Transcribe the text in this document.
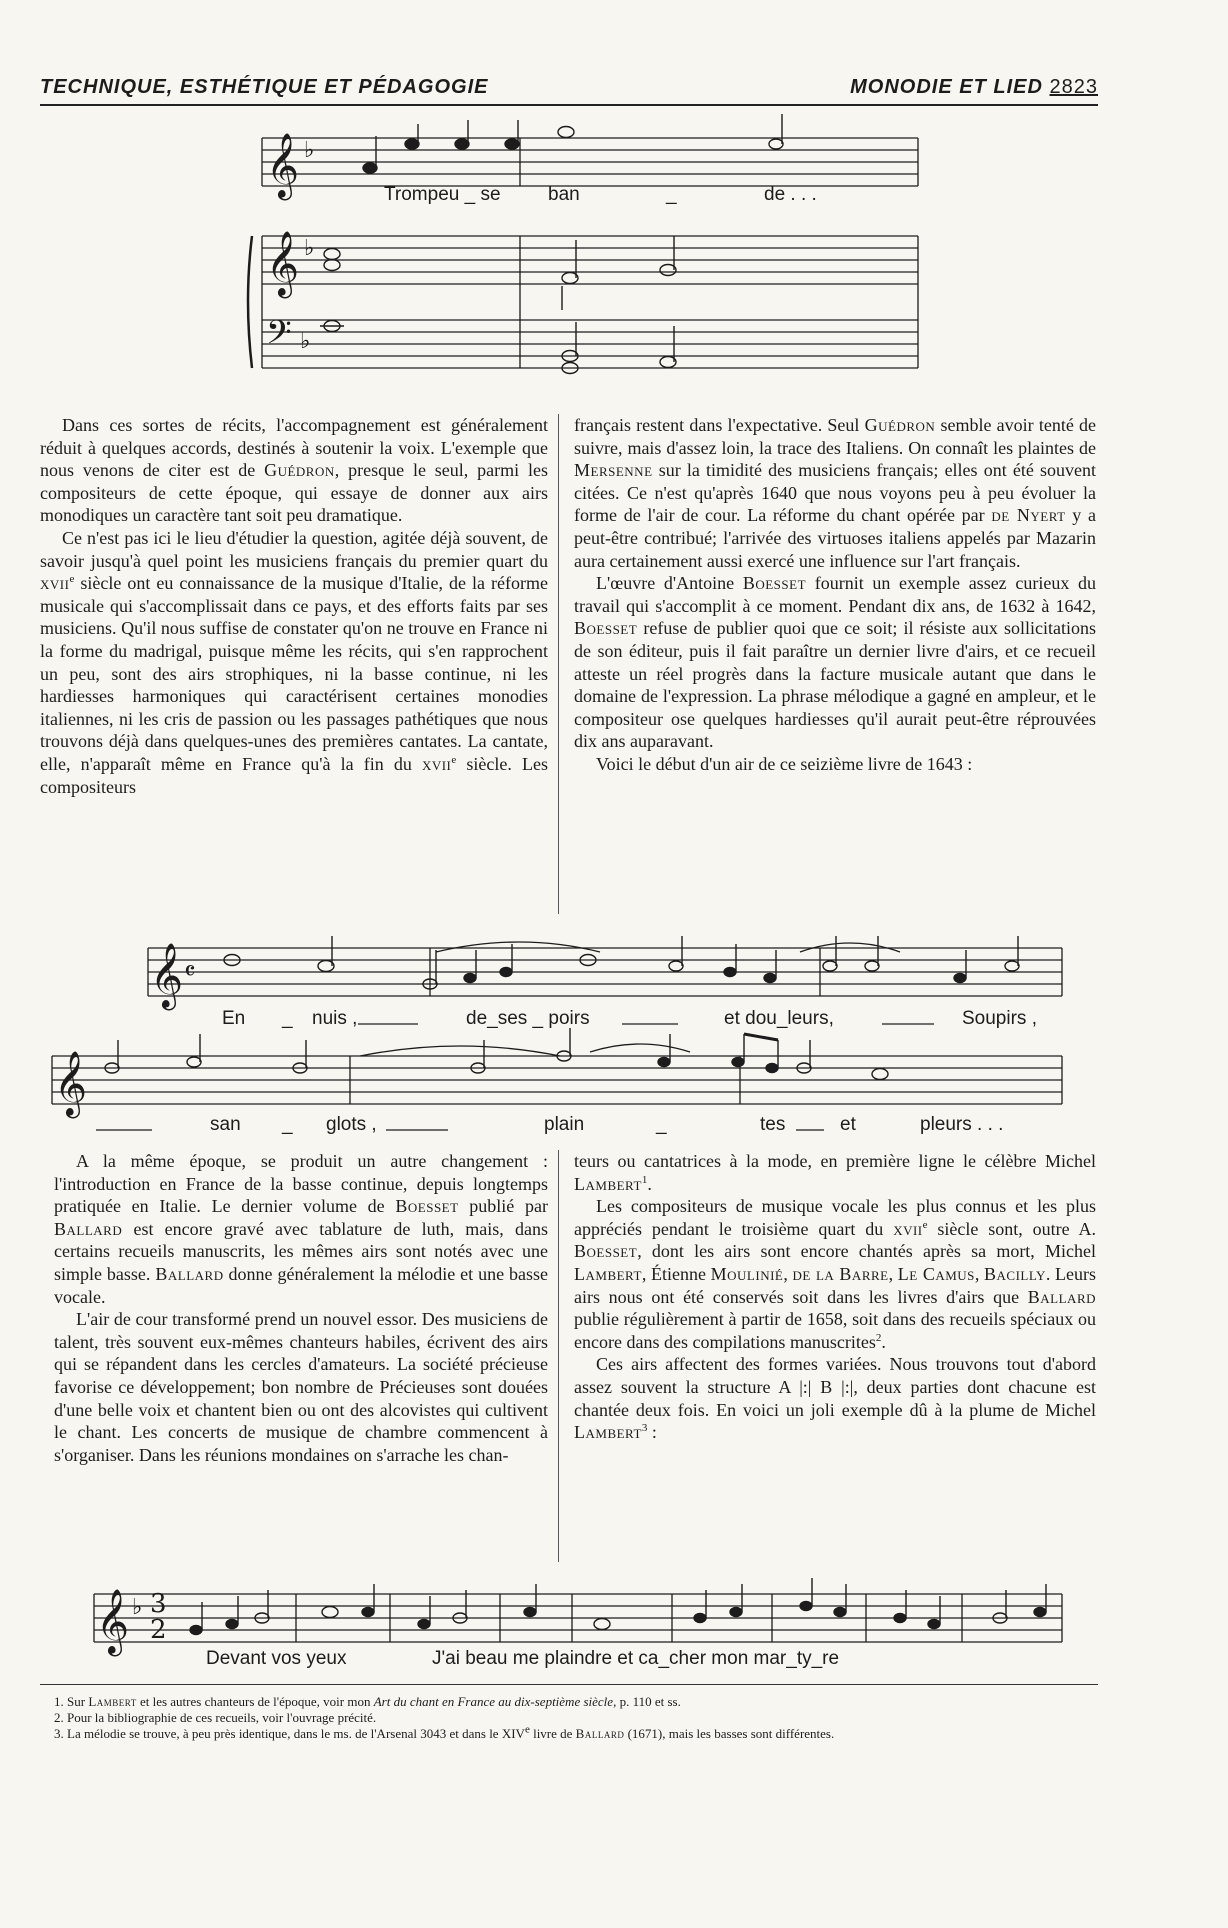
TECHNIQUE, ESTHÉTIQUE ET PÉDAGOGIE	MONODIE ET LIED 2823
𝄞 ♭
𝄞 ♭
𝄢 ♭
Trompeu _ se ban	_	de . . .

Dans ces sortes de récits, l'accompagnement est généralement réduit à quelques accords, destinés à soutenir la voix. L'exemple que nous venons de citer est de Guédron, presque le seul, parmi les compositeurs de cette époque, qui essaye de donner aux airs monodiques un caractère tant soit peu dramatique.

Ce n'est pas ici le lieu d'étudier la question, agitée déjà souvent, de savoir jusqu'à quel point les musiciens français du premier quart du xvii$^e$ siècle ont eu connaissance de la musique d'Italie, de la réforme musicale qui s'accomplissait dans ce pays, et des efforts faits par ses musiciens. Qu'il nous suffise de constater qu'on ne trouve en France ni la forme du madrigal, puisque même les récits, qui s'en rapprochent un peu, sont des airs strophiques, ni la basse continue, ni les hardiesses harmoniques qui caractérisent certaines monodies italiennes, ni les cris de passion ou les passages pathétiques que nous trouvons déjà dans quelques-unes des premières cantates. La cantate, elle, n'apparaît même en France qu'à la fin du xvii$^e$ siècle. Les compositeurs

français restent dans l'expectative. Seul Guédron semble avoir tenté de suivre, mais d'assez loin, la trace des Italiens. On connaît les plaintes de Mersenne sur la timidité des musiciens français; elles ont été souvent citées. Ce n'est qu'après 1640 que nous voyons peu à peu évoluer la forme de l'air de cour. La réforme du chant opérée par de Nyert y a peut-être contribué; l'arrivée des virtuoses italiens appelés par Mazarin aura certainement aussi exercé une influence sur l'art français.

L'œuvre d'Antoine Boesset fournit un exemple assez curieux du travail qui s'accomplit à ce moment. Pendant dix ans, de 1632 à 1642, Boesset refuse de publier quoi que ce soit; il résiste aux sollicitations de son éditeur, puis il fait paraître un dernier livre d'airs, et ce recueil atteste un réel progrès dans la facture musicale autant que dans le domaine de l'expression. La phrase mélodique a gagné en ampleur, et le compositeur ose quelques hardiesses qu'il aurait peut-être réprouvées dix ans auparavant.

Voici le début d'un air de ce seizième livre de 1643 :

𝄞 𝄴
𝄞
En _ nuis ,	de_ses _ poirs	et dou_leurs,	Soupirs ,
san _ glots ,	plain	_	tes	et	pleurs . . .

A la même époque, se produit un autre changement : l'introduction en France de la basse continue, depuis longtemps pratiquée en Italie. Le dernier volume de Boesset publié par Ballard est encore gravé avec tablature de luth, mais, dans certains recueils manuscrits, les mêmes airs sont notés avec une simple basse. Ballard donne généralement la mélodie et une basse vocale.

L'air de cour transformé prend un nouvel essor. Des musiciens de talent, très souvent eux-mêmes chanteurs habiles, écrivent des airs qui se répandent dans les cercles d'amateurs. La société précieuse favorise ce développement; bon nombre de Précieuses sont douées d'une belle voix et chantent bien ou ont des alcovistes qui cultivent le chant. Les concerts de musique de chambre commencent à s'organiser. Dans les réunions mondaines on s'arrache les chan-

teurs ou cantatrices à la mode, en première ligne le célèbre Michel Lambert$^1$.

Les compositeurs de musique vocale les plus connus et les plus appréciés pendant le troisième quart du xvii$^e$ siècle sont, outre A. Boesset, dont les airs sont encore chantés après sa mort, Michel Lambert, Étienne Moulinié, de la Barre, Le Camus, Bacilly. Leurs airs nous ont été conservés soit dans les livres d'airs que Ballard publie régulièrement à partir de 1658, soit dans des recueils spéciaux ou encore dans des compilations manuscrites$^2$.

Ces airs affectent des formes variées. Nous trouvons tout d'abord assez souvent la structure A |:| B |:|, deux parties dont chacune est chantée deux fois. En voici un joli exemple dû à la plume de Michel Lambert$^3$ :

𝄞 ♭ 3
2
Devant vos yeux	J'ai beau me plaindre et ca_cher mon mar_ty_re
1. Sur Lambert et les autres chanteurs de l'époque, voir mon Art du chant en France au dix-septième siècle, p. 110 et ss.
2. Pour la bibliographie de ces recueils, voir l'ouvrage précité.
3. La mélodie se trouve, à peu près identique, dans le ms. de l'Arsenal 3043 et dans le XIVe livre de Ballard (1671), mais les basses sont différentes.
